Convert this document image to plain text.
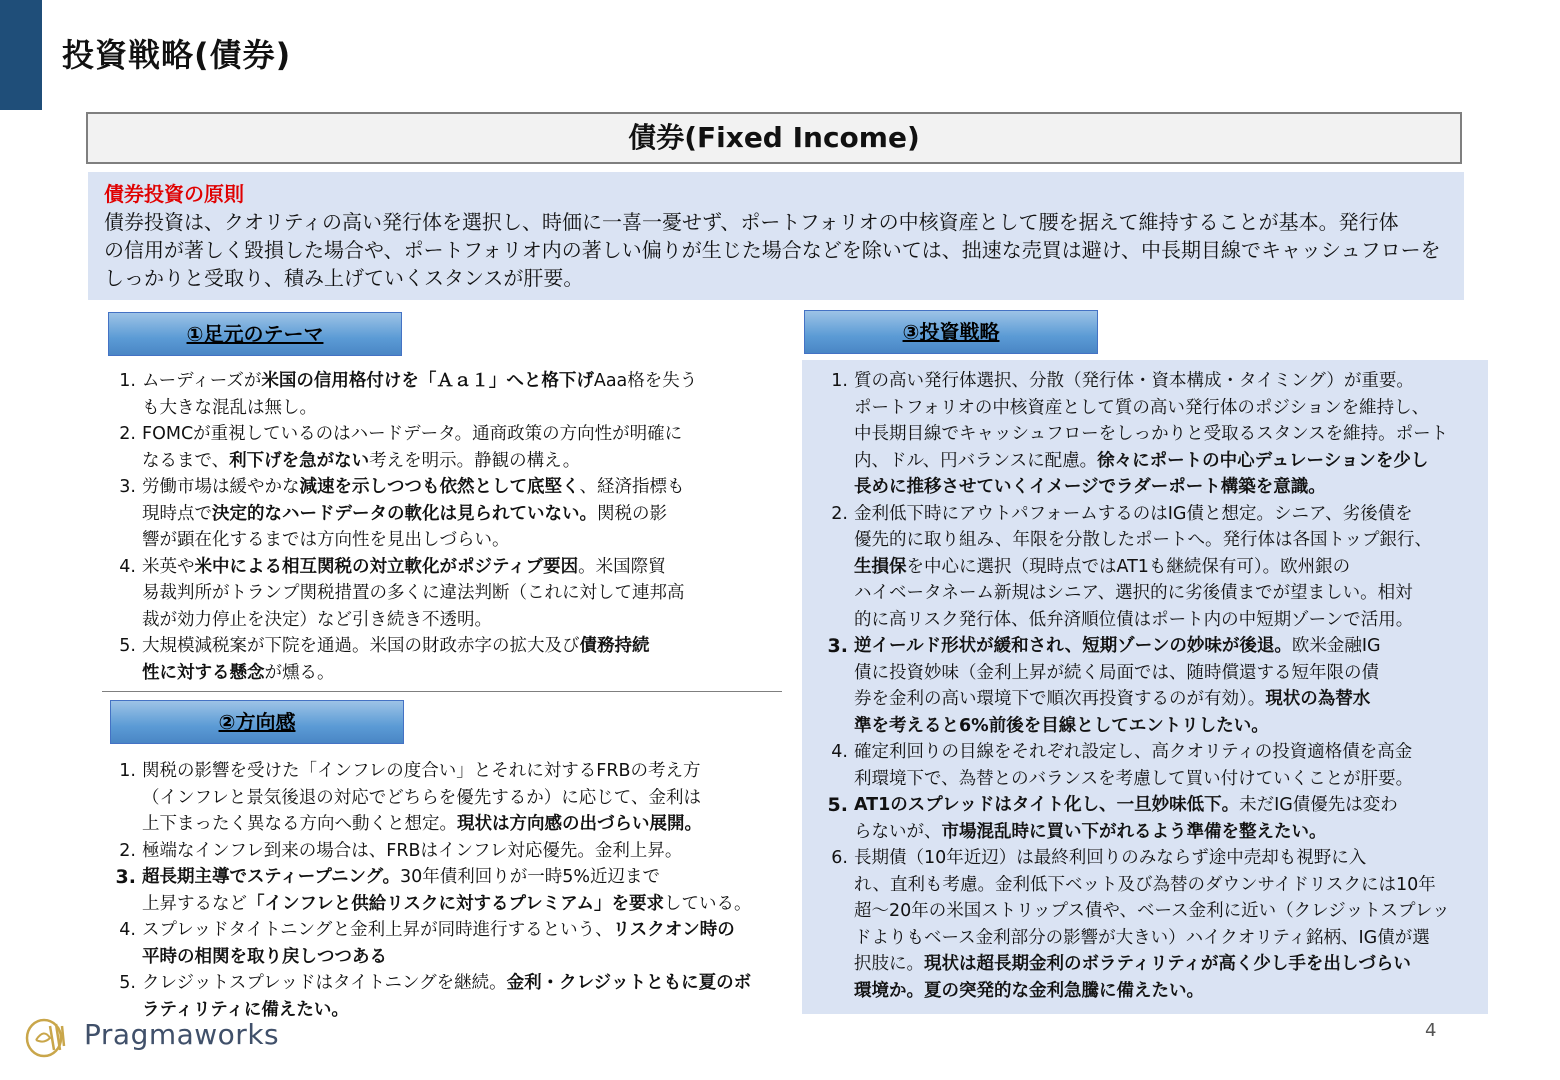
投資戦略(債券)
債券(Fixed Income)
債券投資の原則
債券投資は、クオリティの高い発行体を選択し、時価に一喜一憂せず、ポートフォリオの中核資産として腰を据えて維持することが基本。発行体
の信用が著しく毀損した場合や、ポートフォリオ内の著しい偏りが生じた場合などを除いては、拙速な売買は避け、中長期目線でキャッシュフローを
しっかりと受取り、積み上げていくスタンスが肝要。
①足元のテーマ
1. ムーディーズが米国の信用格付けを「Ａａ１」へと格下げAaa格を失う
も大きな混乱は無し。
2. FOMCが重視しているのはハードデータ。通商政策の方向性が明確に
なるまで、利下げを急がない考えを明示。静観の構え。
3. 労働市場は緩やかな減速を示しつつも依然として底堅く、経済指標も
現時点で決定的なハードデータの軟化は見られていない。関税の影
響が顕在化するまでは方向性を見出しづらい。
4. 米英や米中による相互関税の対立軟化がポジティブ要因。米国際貿
易裁判所がトランプ関税措置の多くに違法判断（これに対して連邦高
裁が効力停止を決定）など引き続き不透明。
5. 大規模減税案が下院を通過。米国の財政赤字の拡大及び債務持続
性に対する懸念が燻る。
②方向感
1. 関税の影響を受けた「インフレの度合い」とそれに対するFRBの考え方
（インフレと景気後退の対応でどちらを優先するか）に応じて、金利は
上下まったく異なる方向へ動くと想定。現状は方向感の出づらい展開。
2. 極端なインフレ到来の場合は、FRBはインフレ対応優先。金利上昇。
3. 超長期主導でスティープニング。30年債利回りが一時5%近辺まで
上昇するなど「インフレと供給リスクに対するプレミアム」を要求している。
4. スプレッドタイトニングと金利上昇が同時進行するという、リスクオン時の
平時の相関を取り戻しつつある
5. クレジットスプレッドはタイトニングを継続。金利・クレジットともに夏のボ
ラティリティに備えたい。
③投資戦略
1. 質の高い発行体選択、分散（発行体・資本構成・タイミング）が重要。
ポートフォリオの中核資産として質の高い発行体のポジションを維持し、
中長期目線でキャッシュフローをしっかりと受取るスタンスを維持。ポート
内、ドル、円バランスに配慮。徐々にポートの中心デュレーションを少し
長めに推移させていくイメージでラダーポート構築を意識。
2. 金利低下時にアウトパフォームするのはIG債と想定。シニア、劣後債を
優先的に取り組み、年限を分散したポートへ。発行体は各国トップ銀行、
生損保を中心に選択（現時点ではAT1も継続保有可）。欧州銀の
ハイベータネーム新規はシニア、選択的に劣後債までが望ましい。相対
的に高リスク発行体、低弁済順位債はポート内の中短期ゾーンで活用。
3. 逆イールド形状が緩和され、短期ゾーンの妙味が後退。欧米金融IG
債に投資妙味（金利上昇が続く局面では、随時償還する短年限の債
券を金利の高い環境下で順次再投資するのが有効）。現状の為替水
準を考えると6%前後を目線としてエントリしたい。
4. 確定利回りの目線をそれぞれ設定し、高クオリティの投資適格債を高金
利環境下で、為替とのバランスを考慮して買い付けていくことが肝要。
5. AT1のスプレッドはタイト化し、一旦妙味低下。未だIG債優先は変わ
らないが、市場混乱時に買い下がれるよう準備を整えたい。
6. 長期債（10年近辺）は最終利回りのみならず途中売却も視野に入
れ、直利も考慮。金利低下ベット及び為替のダウンサイドリスクには10年
超～20年の米国ストリップス債や、ベース金利に近い（クレジットスプレッ
ドよりもベース金利部分の影響が大きい）ハイクオリティ銘柄、IG債が選
択肢に。現状は超長期金利のボラティリティが高く少し手を出しづらい
環境か。夏の突発的な金利急騰に備えたい。
Pragmaworks	4
